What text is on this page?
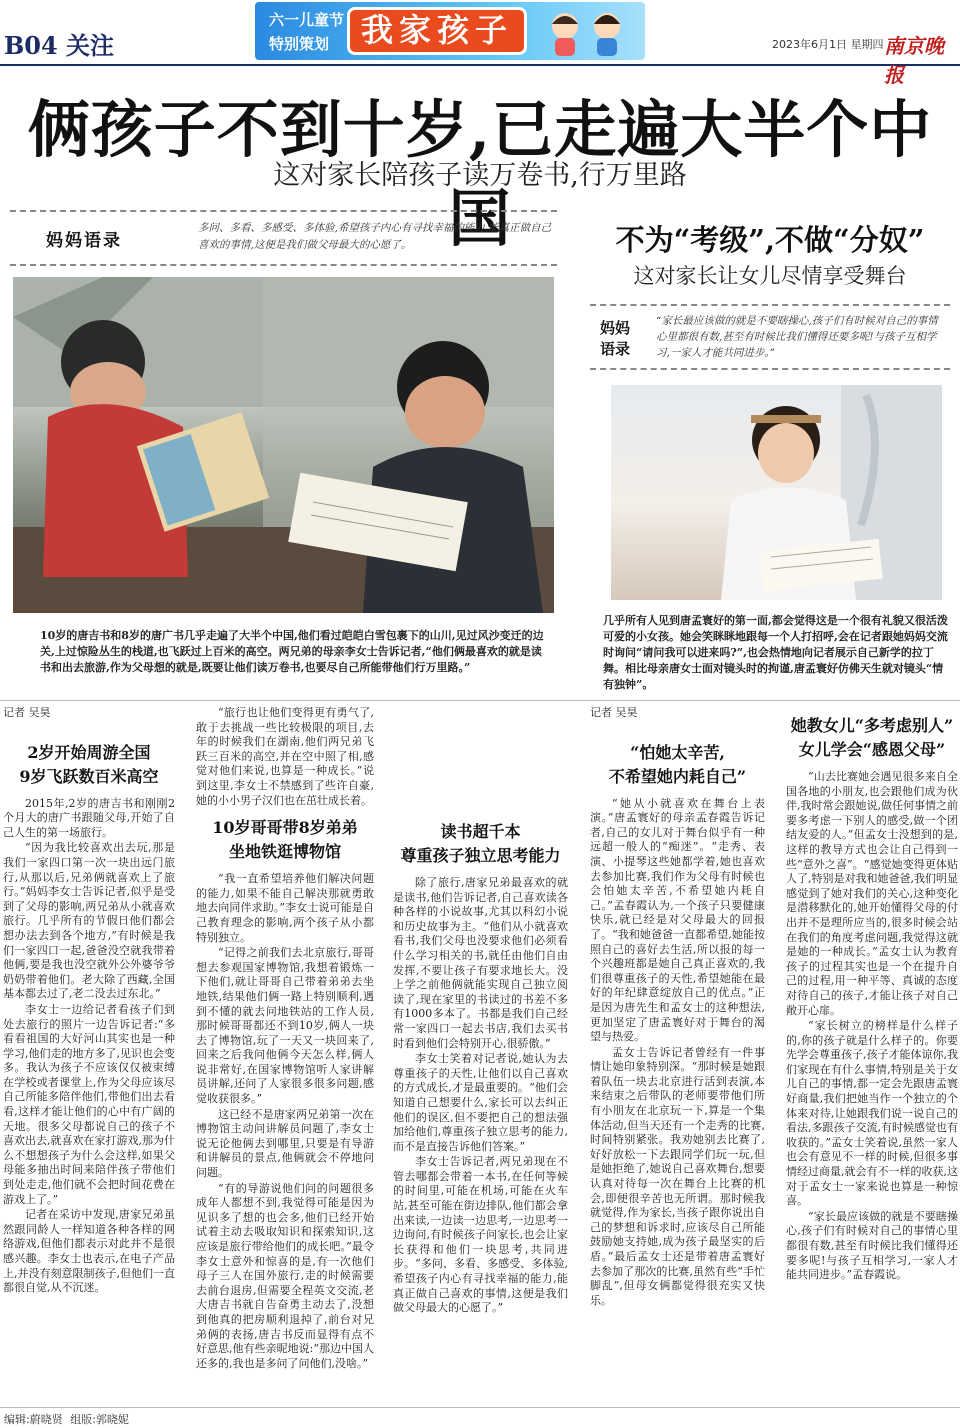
B04 关注
六一儿童节
特别策划 我家孩子	2023年6月1日 星期四 南京晚报
俩孩子不到十岁,已走遍大半个中国
这对家长陪孩子读万卷书,行万里路
妈妈语录
多问、多看、多感受、多体验,希望孩子内心有寻找幸福的能力,能真正做自己喜欢的事情,这便是我们做父母最大的心愿了。
10岁的唐吉书和8岁的唐广书几乎走遍了大半个中国,他们看过皑皑白雪包裹下的山川,见过风沙变迁的边关,上过惊险丛生的栈道,也飞跃过上百米的高空。两兄弟的母亲李女士告诉记者,“他们俩最喜欢的就是读书和出去旅游,作为父母想的就是,既要让他们读万卷书,也要尽自己所能带他们行万里路。”
不为“考级”,不做“分奴”
这对家长让女儿尽情享受舞台
妈妈语录
“家长最应该做的就是不要瞎操心,孩子们有时候对自己的事情心里都很有数,甚至有时候比我们懂得还要多呢!与孩子互相学习,一家人才能共同进步。”
几乎所有人见到唐孟寰好的第一面,都会觉得这是一个很有礼貌又很活泼可爱的小女孩。她会笑眯眯地跟每一个人打招呼,会在记者跟她妈妈交流时询问“请问我可以进来吗?”,也会热情地向记者展示自己新学的拉丁舞。相比母亲唐女士面对镜头时的拘谨,唐孟寰好仿佛天生就对镜头“情有独钟”。
记者 吴昊
2岁开始周游全国
9岁飞跃数百米高空

2015年,2岁的唐吉书和刚刚2个月大的唐广书跟随父母,开始了自己人生的第一场旅行。

“因为我比较喜欢出去玩,那是我们一家四口第一次一块出远门旅行,从那以后,兄弟俩就喜欢上了旅行。”妈妈李女士告诉记者,似乎是受到了父母的影响,两兄弟从小就喜欢旅行。几乎所有的节假日他们都会想办法去到各个地方,“有时候是我们一家四口一起,爸爸没空就我带着他俩,要是我也没空就外公外婆爷爷奶奶带着他们。老大除了西藏,全国基本都去过了,老二没去过东北。”

李女士一边给记者看孩子们到处去旅行的照片一边告诉记者:“多看看祖国的大好河山其实也是一种学习,他们走的地方多了,见识也会变多。我认为孩子不应该仅仅被束缚在学校或者课堂上,作为父母应该尽自己所能多陪伴他们,带他们出去看看,这样才能让他们的心中有广阔的天地。很多父母都说自己的孩子不喜欢出去,就喜欢在家打游戏,那为什么不想想孩子为什么会这样,如果父母能多抽出时间来陪伴孩子带他们到处走走,他们就不会把时间花费在游戏上了。”

记者在采访中发现,唐家兄弟虽然跟同龄人一样知道各种各样的网络游戏,但他们都表示对此并不是很感兴趣。李女士也表示,在电子产品上,并没有刻意限制孩子,但他们一直都很自觉,从不沉迷。

“旅行也让他们变得更有勇气了,敢于去挑战一些比较极限的项目,去年的时候我们在湖南,他们两兄弟飞跃三百米的高空,并在空中照了相,感觉对他们来说,也算是一种成长。”说到这里,李女士不禁感到了些许自豪,她的小小男子汉们也在茁壮成长着。

10岁哥哥带8岁弟弟
坐地铁逛博物馆

“我一直希望培养他们解决问题的能力,如果不能自己解决那就勇敢地去向同伴求助。”李女士说可能是自己教育理念的影响,两个孩子从小都特别独立。

“记得之前我们去北京旅行,哥哥想去参观国家博物馆,我想着锻炼一下他们,就让哥哥自己带着弟弟去坐地铁,结果他们俩一路上特别顺利,遇到不懂的就去问地铁站的工作人员,那时候哥哥都还不到10岁,俩人一块去了博物馆,玩了一天又一块回来了,回来之后我问他俩今天怎么样,俩人说非常好,在国家博物馆听人家讲解员讲解,还问了人家很多很多问题,感觉收获很多。”

这已经不是唐家两兄弟第一次在博物馆主动问讲解员问题了,李女士说无论他俩去到哪里,只要是有导游和讲解员的景点,他俩就会不停地问问题。

“有的导游说他们问的问题很多成年人都想不到,我觉得可能是因为见识多了想的也会多,他们已经开始试着主动去吸取知识和探索知识,这应该是旅行带给他们的成长吧。”最令李女士意外和惊喜的是,有一次他们母子三人在国外旅行,走的时候需要去前台退房,但需要全程英文交流,老大唐吉书就自告奋勇主动去了,没想到他真的把房顺利退掉了,前台对兄弟俩的表扬,唐吉书反而显得有点不好意思,他有些亲昵地说:“那边中国人还多的,我也是多问了问他们,没啥。”

读书超千本
尊重孩子独立思考能力

除了旅行,唐家兄弟最喜欢的就是读书,他们告诉记者,自己喜欢读各种各样的小说故事,尤其以科幻小说和历史故事为主。“他们从小就喜欢看书,我们父母也没要求他们必须看什么学习相关的书,就任由他们自由发挥,不要让孩子有要求地长大。没上学之前他俩就能实现自己独立阅读了,现在家里的书读过的书差不多有1000多本了。书都是我们自己经常一家四口一起去书店,我们去买书时看到他们会特别开心,很骄傲。”

李女士笑着对记者说,她认为去尊重孩子的天性,让他们以自己喜欢的方式成长,才是最重要的。“他们会知道自己想要什么,家长可以去纠正他们的误区,但不要把自己的想法强加给他们,尊重孩子独立思考的能力,而不是直接告诉他们答案。”

李女士告诉记者,两兄弟现在不管去哪都会带着一本书,在任何等候的时间里,可能在机场,可能在火车站,甚至可能在街边排队,他们都会拿出来读,一边读一边思考,一边思考一边询问,有时候孩子问家长,也会让家长获得和他们一块思考,共同进步。“多问、多看、多感受、多体验,希望孩子内心有寻找幸福的能力,能真正做自己喜欢的事情,这便是我们做父母最大的心愿了。”

记者 吴昊
“怕她太辛苦,
不希望她内耗自己”

“她从小就喜欢在舞台上表演。”唐孟寰好的母亲孟春霞告诉记者,自己的女儿对于舞台似乎有一种远超一般人的“痴迷”。“走秀、表演、小提琴这些她都学着,她也喜欢去参加比赛,我们作为父母有时候也会怕她太辛苦,不希望她内耗自己。”孟春霞认为,一个孩子只要健康快乐,就已经是对父母最大的回报了。“我和她爸爸一直都希望,她能按照自己的喜好去生活,所以报的每一个兴趣班都是她自己真正喜欢的,我们很尊重孩子的天性,希望她能在最好的年纪肆意绽放自己的优点。”正是因为唐先生和孟女士的这种想法,更加坚定了唐孟寰好对于舞台的渴望与热爱。

孟女士告诉记者曾经有一件事情让她印象特别深。“那时候是她跟着队伍一块去北京进行活到表演,本来结束之后带队的老师要带他们所有小朋友在北京玩一下,算是一个集体活动,但当天还有一个走秀的比赛,时间特别紧张。我劝她别去比赛了,好好放松一下去跟同学们玩一玩,但是她拒绝了,她说自己喜欢舞台,想要认真对待每一次在舞台上比赛的机会,即便很辛苦也无所谓。那时候我就觉得,作为家长,当孩子跟你说出自己的梦想和诉求时,应该尽自己所能鼓励她支持她,成为孩子最坚实的后盾。”最后孟女士还是带着唐孟寰好去参加了那次的比赛,虽然有些“手忙脚乱”,但母女俩都觉得很充实又快乐。

她教女儿“多考虑别人”
女儿学会“感恩父母”

“山去比赛她会遇见很多来自全国各地的小朋友,也会跟他们成为伙伴,我时常会跟她说,做任何事情之前要多考虑一下别人的感受,做一个团结友爱的人。”但孟女士没想到的是,这样的教导方式也会让自己得到一些“意外之喜”。“感觉她变得更体贴人了,特别是对我和她爸爸,我们明显感觉到了她对我们的关心,这种变化是潜移默化的,她开始懂得父母的付出并不是理所应当的,很多时候会站在我们的角度考虑问题,我觉得这就是她的一种成长。”孟女士认为教育孩子的过程其实也是一个在提升自己的过程,用一种平等、真诚的态度对待自己的孩子,才能让孩子对自己敞开心扉。

“家长树立的榜样是什么样子的,你的孩子就是什么样子的。你要先学会尊重孩子,孩子才能体谅你,我们家现在有什么事情,特别是关于女儿自己的事情,都一定会先跟唐孟寰好商量,我们把她当作一个独立的个体来对待,让她跟我们说一说自己的看法,多跟孩子交流,有时候感觉也有收获的。”孟女士笑着说,虽然一家人也会有意见不一样的时候,但很多事情经过商量,就会有不一样的收获,这对于孟女士一家来说也算是一种惊喜。

“家长最应该做的就是不要瞎操心,孩子们有时候对自己的事情心里都很有数,甚至有时候比我们懂得还要多呢!与孩子互相学习,一家人才能共同进步。”孟春霞说。

编辑:蔚晓贤 组版:郭晓妮
